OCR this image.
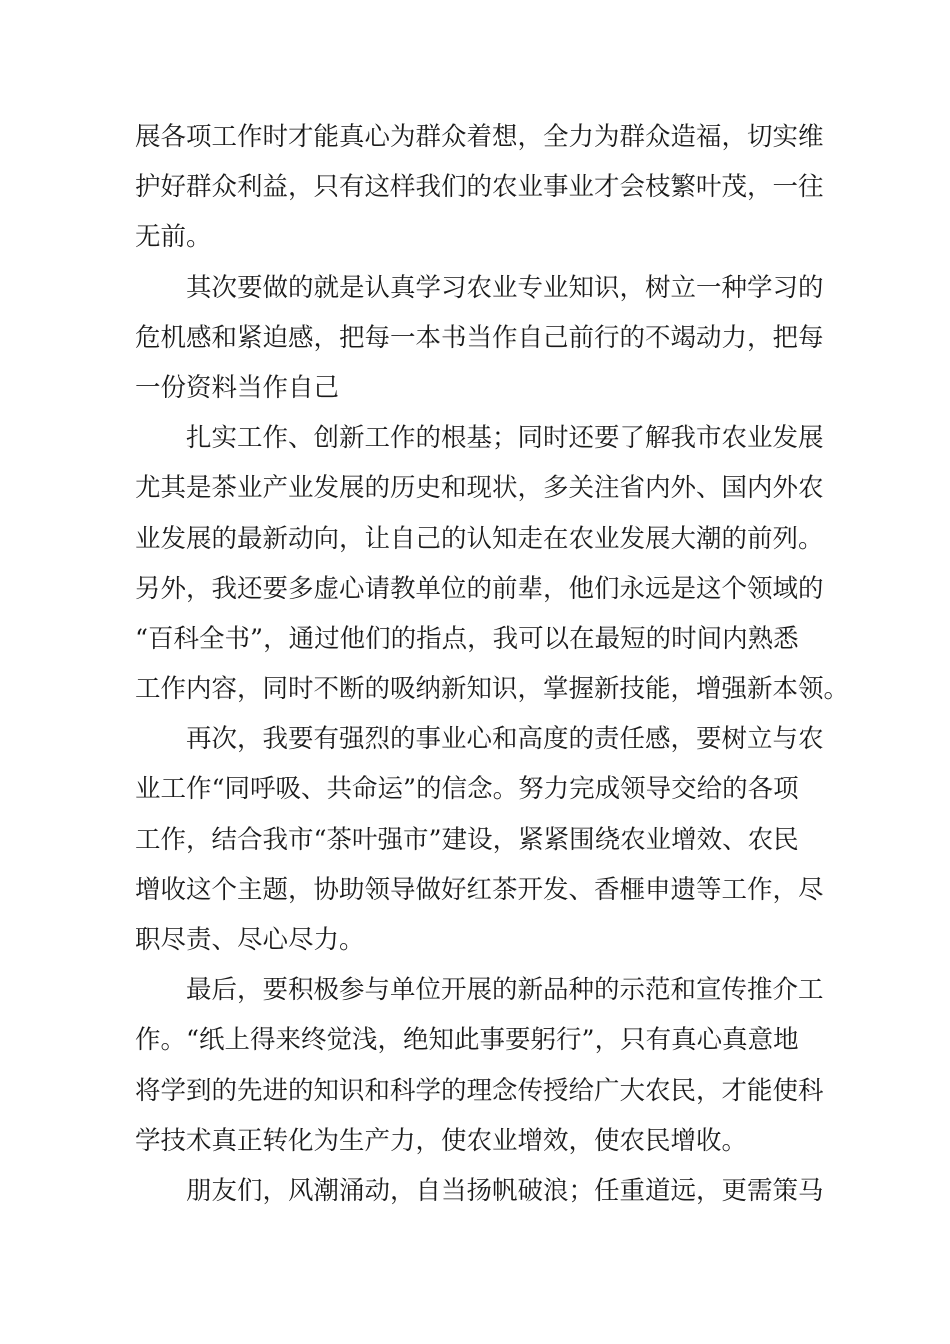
展各项工作时才能真心为群众着想，全力为群众造福，切实维
护好群众利益，只有这样我们的农业事业才会枝繁叶茂，一往
无前。
其次要做的就是认真学习农业专业知识，树立一种学习的
危机感和紧迫感，把每一本书当作自己前行的不竭动力，把每
一份资料当作自己
扎实工作、创新工作的根基；同时还要了解我市农业发展
尤其是茶业产业发展的历史和现状，多关注省内外、国内外农
业发展的最新动向，让自己的认知走在农业发展大潮的前列。
另外，我还要多虚心请教单位的前辈，他们永远是这个领域的
“百科全书”，通过他们的指点，我可以在最短的时间内熟悉
工作内容，同时不断的吸纳新知识，掌握新技能，增强新本领。
再次，我要有强烈的事业心和高度的责任感，要树立与农
业工作“同呼吸、共命运”的信念。努力完成领导交给的各项
工作，结合我市“茶叶强市”建设，紧紧围绕农业增效、农民
增收这个主题，协助领导做好红茶开发、香榧申遗等工作，尽
职尽责、尽心尽力。
最后，要积极参与单位开展的新品种的示范和宣传推介工
作。“纸上得来终觉浅，绝知此事要躬行”，只有真心真意地
将学到的先进的知识和科学的理念传授给广大农民，才能使科
学技术真正转化为生产力，使农业增效，使农民增收。
朋友们，风潮涌动，自当扬帆破浪；任重道远，更需策马
